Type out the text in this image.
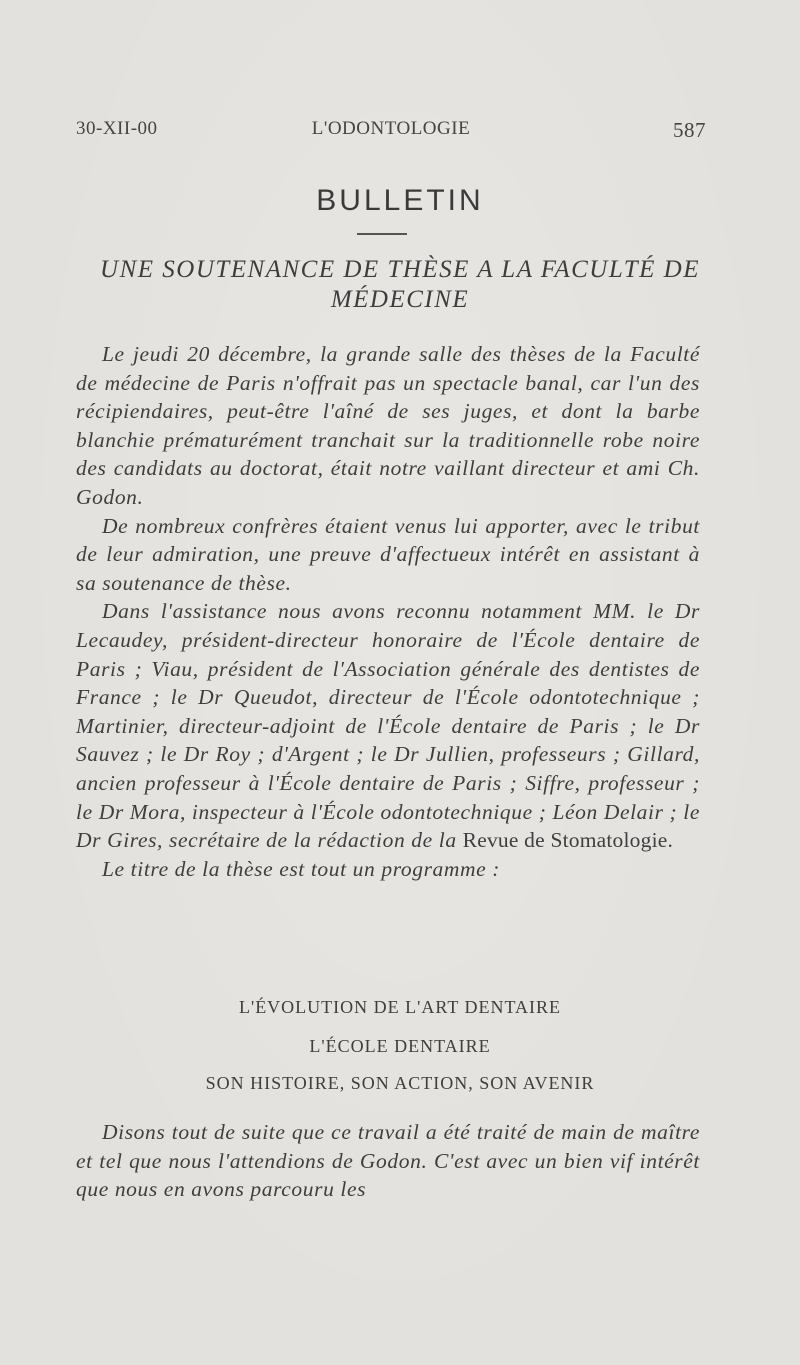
30-XII-00	L'ODONTOLOGIE	587
BULLETIN
UNE SOUTENANCE DE THÈSE A LA FACULTÉ DE MÉDECINE

Le jeudi 20 décembre, la grande salle des thèses de la Faculté de médecine de Paris n'offrait pas un spectacle banal, car l'un des récipiendaires, peut-être l'aîné de ses juges, et dont la barbe blanchie prématurément tranchait sur la traditionnelle robe noire des candidats au doctorat, était notre vaillant directeur et ami Ch. Godon.

De nombreux confrères étaient venus lui apporter, avec le tribut de leur admiration, une preuve d'affectueux intérêt en assistant à sa soutenance de thèse.

Dans l'assistance nous avons reconnu notamment MM. le Dr Lecaudey, président-directeur honoraire de l'École dentaire de Paris ; Viau, président de l'Association générale des dentistes de France ; le Dr Queudot, directeur de l'École odontotechnique ; Martinier, directeur-adjoint de l'École dentaire de Paris ; le Dr Sauvez ; le Dr Roy ; d'Argent ; le Dr Jullien, professeurs ; Gillard, ancien professeur à l'École dentaire de Paris ; Siffre, professeur ; le Dr Mora, inspecteur à l'École odontotechnique ; Léon Delair ; le Dr Gires, secrétaire de la rédaction de la Revue de Stomatologie.

Le titre de la thèse est tout un programme :

L'ÉVOLUTION DE L'ART DENTAIRE
L'ÉCOLE DENTAIRE
SON HISTOIRE, SON ACTION, SON AVENIR

Disons tout de suite que ce travail a été traité de main de maître et tel que nous l'attendions de Godon. C'est avec un bien vif intérêt que nous en avons parcouru les
